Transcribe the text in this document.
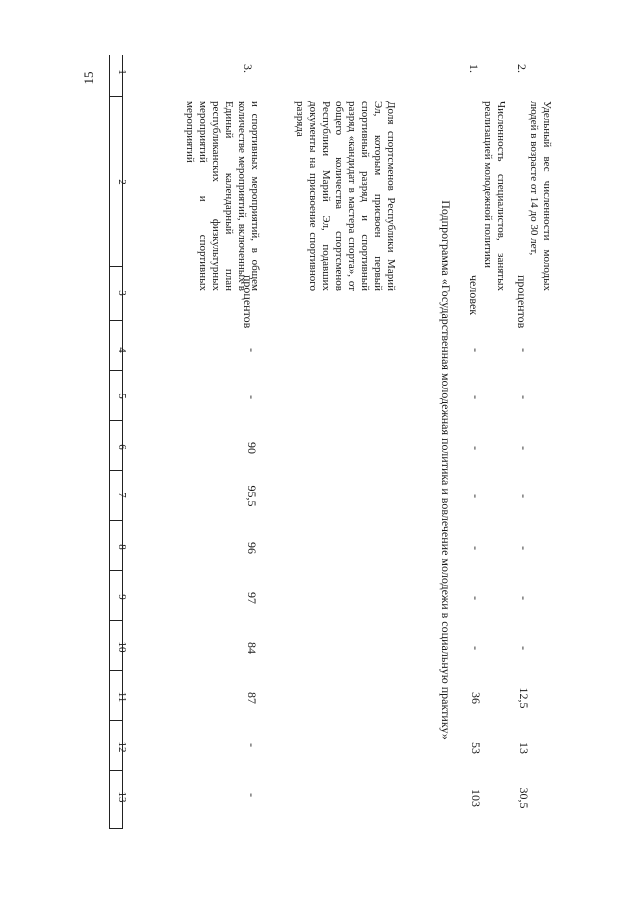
15 1
2
3
4
5
6
7
8
9
10
11
12
13
и спортивных мероприятий, в общем количестве мероприятий, включенных в Единый календарный план республиканских физкультурных мероприятий и спортивных мероприятий
3.
Доля спортсменов Республики Марий Эл, которым присвоен первый спортивный разряд и спортивный разряд «кандидат в мастера спорта», от общего количества спортсменов Республики Марий Эл, подавших документы на присвоение спортивного разряда
процентов
-
-
90
95,5
96
97
84
87
-
-
Подпрограмма «Государственная молодежная политика и вовлечение молодежи в социальную практику»
1.
Численность специалистов, занятых реализацией молодежной политики
человек
-
-
-
-
-
-
-
36
53
103
2.
Удельный вес численности молодых людей в возрасте от 14 до 30 лет,
процентов
-
-
-
-
-
-
-
12,5
13
30,5
